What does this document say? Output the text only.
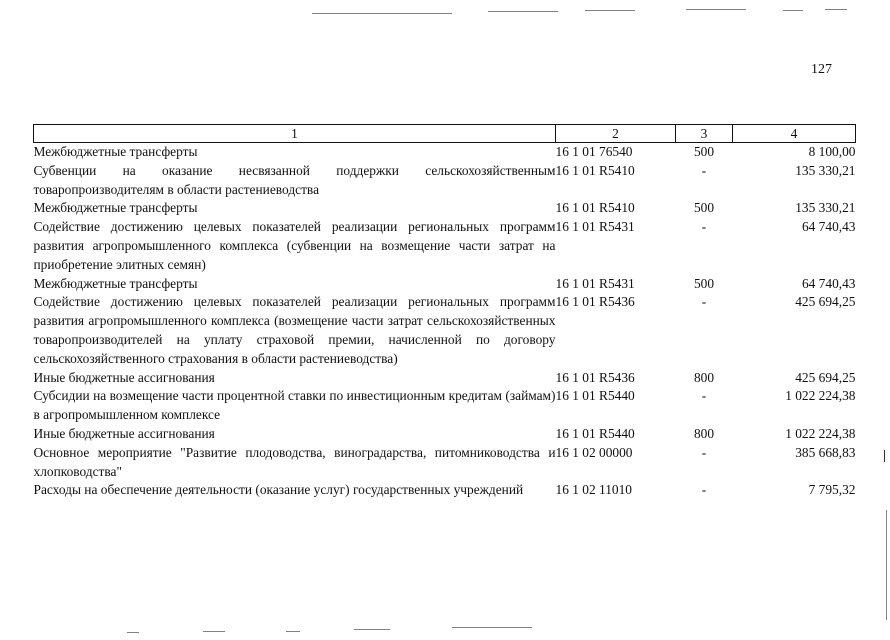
127
1	2	3	4
Межбюджетные трансферты	16 1 01 76540	500	8 100,00
Субвенции на оказание несвязанной поддержки сельскохозяйственным товаропроизводителям в области растениеводства	16 1 01 R5410	-	135 330,21
Межбюджетные трансферты	16 1 01 R5410	500	135 330,21
Содействие достижению целевых показателей реализации региональных программ развития агропромышленного комплекса (субвенции на возмещение части затрат на приобретение элитных семян)	16 1 01 R5431	-	64 740,43
Межбюджетные трансферты	16 1 01 R5431	500	64 740,43
Содействие достижению целевых показателей реализации региональных программ развития агропромышленного комплекса (возмещение части затрат сельскохозяйственных товаропроизводителей на уплату страховой премии, начисленной по договору сельскохозяйственного страхования в области растениеводства)	16 1 01 R5436	-	425 694,25
Иные бюджетные ассигнования	16 1 01 R5436	800	425 694,25
Субсидии на возмещение части процентной ставки по инвестиционным кредитам (займам) в агропромышленном комплексе	16 1 01 R5440	-	1 022 224,38
Иные бюджетные ассигнования	16 1 01 R5440	800	1 022 224,38
Основное мероприятие "Развитие плодоводства, виноградарства, питомниководства и хлопководства"	16 1 02 00000	-	385 668,83
Расходы на обеспечение деятельности (оказание услуг) государственных учреждений	16 1 02 11010	-	7 795,32
